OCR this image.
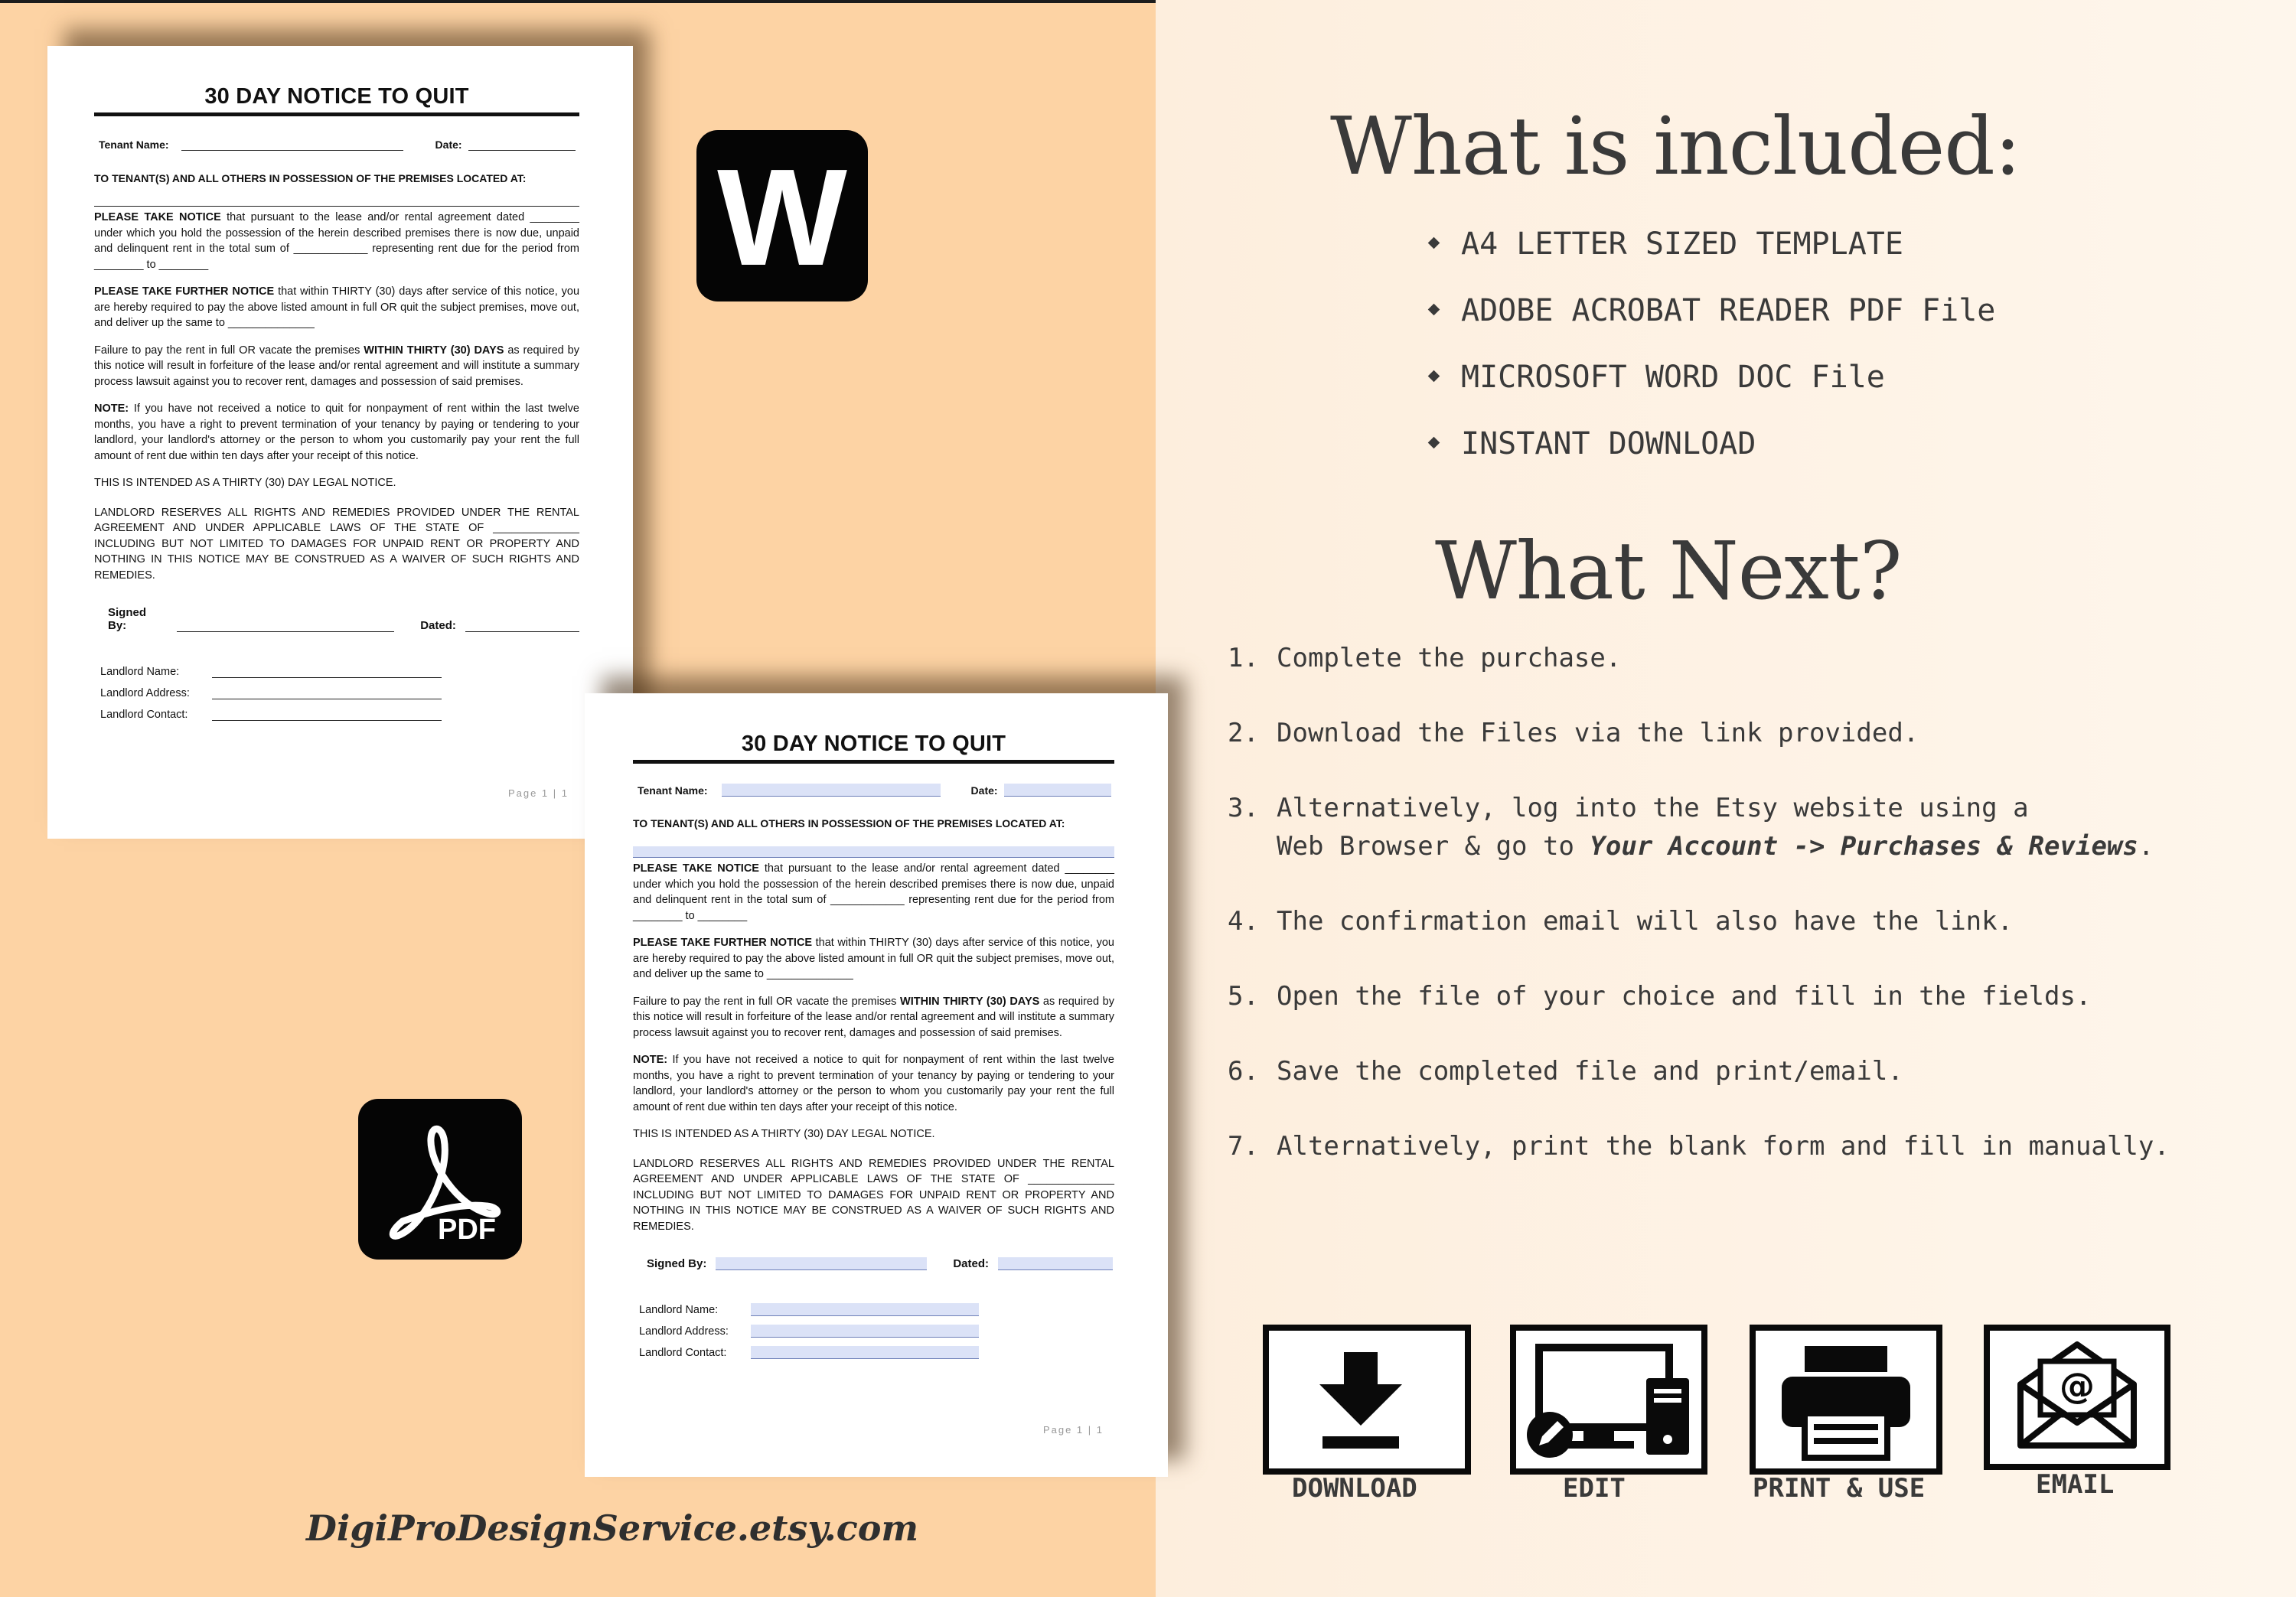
30 DAY NOTICE TO QUIT
Tenant Name:	Date:

TO TENANT(S) AND ALL OTHERS IN POSSESSION OF THE PREMISES LOCATED AT:

PLEASE TAKE NOTICE that pursuant to the lease and/or rental agreement dated ________ under which you hold the possession of the herein described premises there is now due, unpaid and delinquent rent in the total sum of ____________ representing rent due for the period from ________ to ________

PLEASE TAKE FURTHER NOTICE that within THIRTY (30) days after service of this notice, you are hereby required to pay the above listed amount in full OR quit the subject premises, move out, and deliver up the same to ______________

Failure to pay the rent in full OR vacate the premises WITHIN THIRTY (30) DAYS as required by this notice will result in forfeiture of the lease and/or rental agreement and will institute a summary process lawsuit against you to recover rent, damages and possession of said premises.

NOTE: If you have not received a notice to quit for nonpayment of rent within the last twelve months, you have a right to prevent termination of your tenancy by paying or tendering to your landlord, your landlord's attorney or the person to whom you customarily pay your rent the full amount of rent due within ten days after your receipt of this notice.

THIS IS INTENDED AS A THIRTY (30) DAY LEGAL NOTICE.

LANDLORD RESERVES ALL RIGHTS AND REMEDIES PROVIDED UNDER THE RENTAL AGREEMENT AND UNDER APPLICABLE LAWS OF THE STATE OF ______________ INCLUDING BUT NOT LIMITED TO DAMAGES FOR UNPAID RENT OR PROPERTY AND NOTHING IN THIS NOTICE MAY BE CONSTRUED AS A WAIVER OF SUCH RIGHTS AND REMEDIES.

Signed By:	Dated:
Landlord Name:
Landlord Address:
Landlord Contact:
Page 1 | 1
30 DAY NOTICE TO QUIT
Tenant Name:	Date:

TO TENANT(S) AND ALL OTHERS IN POSSESSION OF THE PREMISES LOCATED AT:

PLEASE TAKE NOTICE that pursuant to the lease and/or rental agreement dated ________ under which you hold the possession of the herein described premises there is now due, unpaid and delinquent rent in the total sum of ____________ representing rent due for the period from ________ to ________

PLEASE TAKE FURTHER NOTICE that within THIRTY (30) days after service of this notice, you are hereby required to pay the above listed amount in full OR quit the subject premises, move out, and deliver up the same to ______________

Failure to pay the rent in full OR vacate the premises WITHIN THIRTY (30) DAYS as required by this notice will result in forfeiture of the lease and/or rental agreement and will institute a summary process lawsuit against you to recover rent, damages and possession of said premises.

NOTE: If you have not received a notice to quit for nonpayment of rent within the last twelve months, you have a right to prevent termination of your tenancy by paying or tendering to your landlord, your landlord's attorney or the person to whom you customarily pay your rent the full amount of rent due within ten days after your receipt of this notice.

THIS IS INTENDED AS A THIRTY (30) DAY LEGAL NOTICE.

LANDLORD RESERVES ALL RIGHTS AND REMEDIES PROVIDED UNDER THE RENTAL AGREEMENT AND UNDER APPLICABLE LAWS OF THE STATE OF ______________ INCLUDING BUT NOT LIMITED TO DAMAGES FOR UNPAID RENT OR PROPERTY AND NOTHING IN THIS NOTICE MAY BE CONSTRUED AS A WAIVER OF SUCH RIGHTS AND REMEDIES.

Signed By:	Dated:
Landlord Name:
Landlord Address:
Landlord Contact:
Page 1 | 1
W
PDF
DigiProDesignService.etsy.com
What is included:
A4 LETTER SIZED TEMPLATE
ADOBE ACROBAT READER PDF File
MICROSOFT WORD DOC File
INSTANT DOWNLOAD
What Next?
1. Complete the purchase.
2. Download the Files via the link provided.
3. Alternatively, log into the Etsy website using a
Web Browser & go to Your Account -> Purchases & Reviews.
4. The confirmation email will also have the link.
5. Open the file of your choice and fill in the fields.
6. Save the completed file and print/email.
7. Alternatively, print the blank form and fill in manually.
DOWNLOAD	EDIT	PRINT & USE
@
EMAIL
